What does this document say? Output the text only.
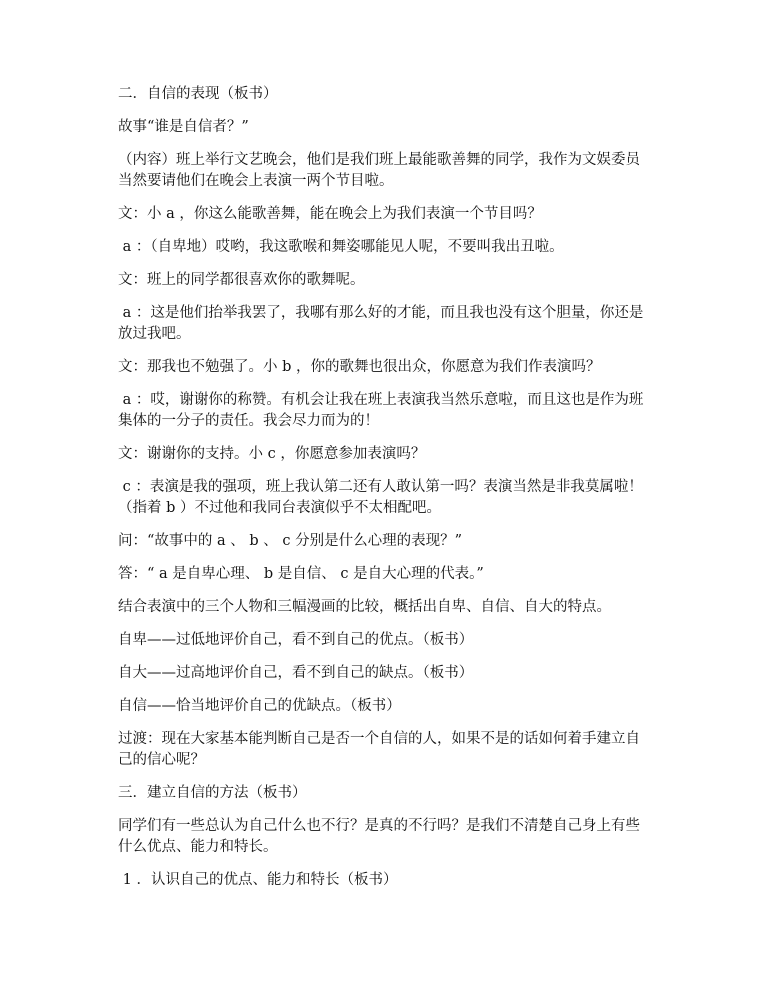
二．自信的表现（板书）

故事“谁是自信者？”

（内容）班上举行文艺晚会，他们是我们班上最能歌善舞的同学，我作为文娱委员当然要请他们在晚会上表演一两个节目啦。

文：小 a ，你这么能歌善舞，能在晚会上为我们表演一个节目吗？

a ：（自卑地）哎哟，我这歌喉和舞姿哪能见人呢，不要叫我出丑啦。

文：班上的同学都很喜欢你的歌舞呢。

a ：这是他们抬举我罢了，我哪有那么好的才能，而且我也没有这个胆量，你还是放过我吧。

文：那我也不勉强了。小 b ，你的歌舞也很出众，你愿意为我们作表演吗？

a ：哎，谢谢你的称赞。有机会让我在班上表演我当然乐意啦，而且这也是作为班集体的一分子的责任。我会尽力而为的！

文：谢谢你的支持。小 c ，你愿意参加表演吗？

c ：表演是我的强项，班上我认第二还有人敢认第一吗？表演当然是非我莫属啦！（指着 b ）不过他和我同台表演似乎不太相配吧。

问：“故事中的 a 、 b 、 c 分别是什么心理的表现？”

答：“ a 是自卑心理、 b 是自信、 c 是自大心理的代表。”

结合表演中的三个人物和三幅漫画的比较，概括出自卑、自信、自大的特点。

自卑——过低地评价自己，看不到自己的优点。（板书）

自大——过高地评价自己，看不到自己的缺点。（板书）

自信——恰当地评价自己的优缺点。（板书）

过渡：现在大家基本能判断自己是否一个自信的人，如果不是的话如何着手建立自己的信心呢？

三．建立自信的方法（板书）

同学们有一些总认为自己什么也不行？是真的不行吗？是我们不清楚自己身上有些什么优点、能力和特长。

1 ．认识自己的优点、能力和特长（板书）
